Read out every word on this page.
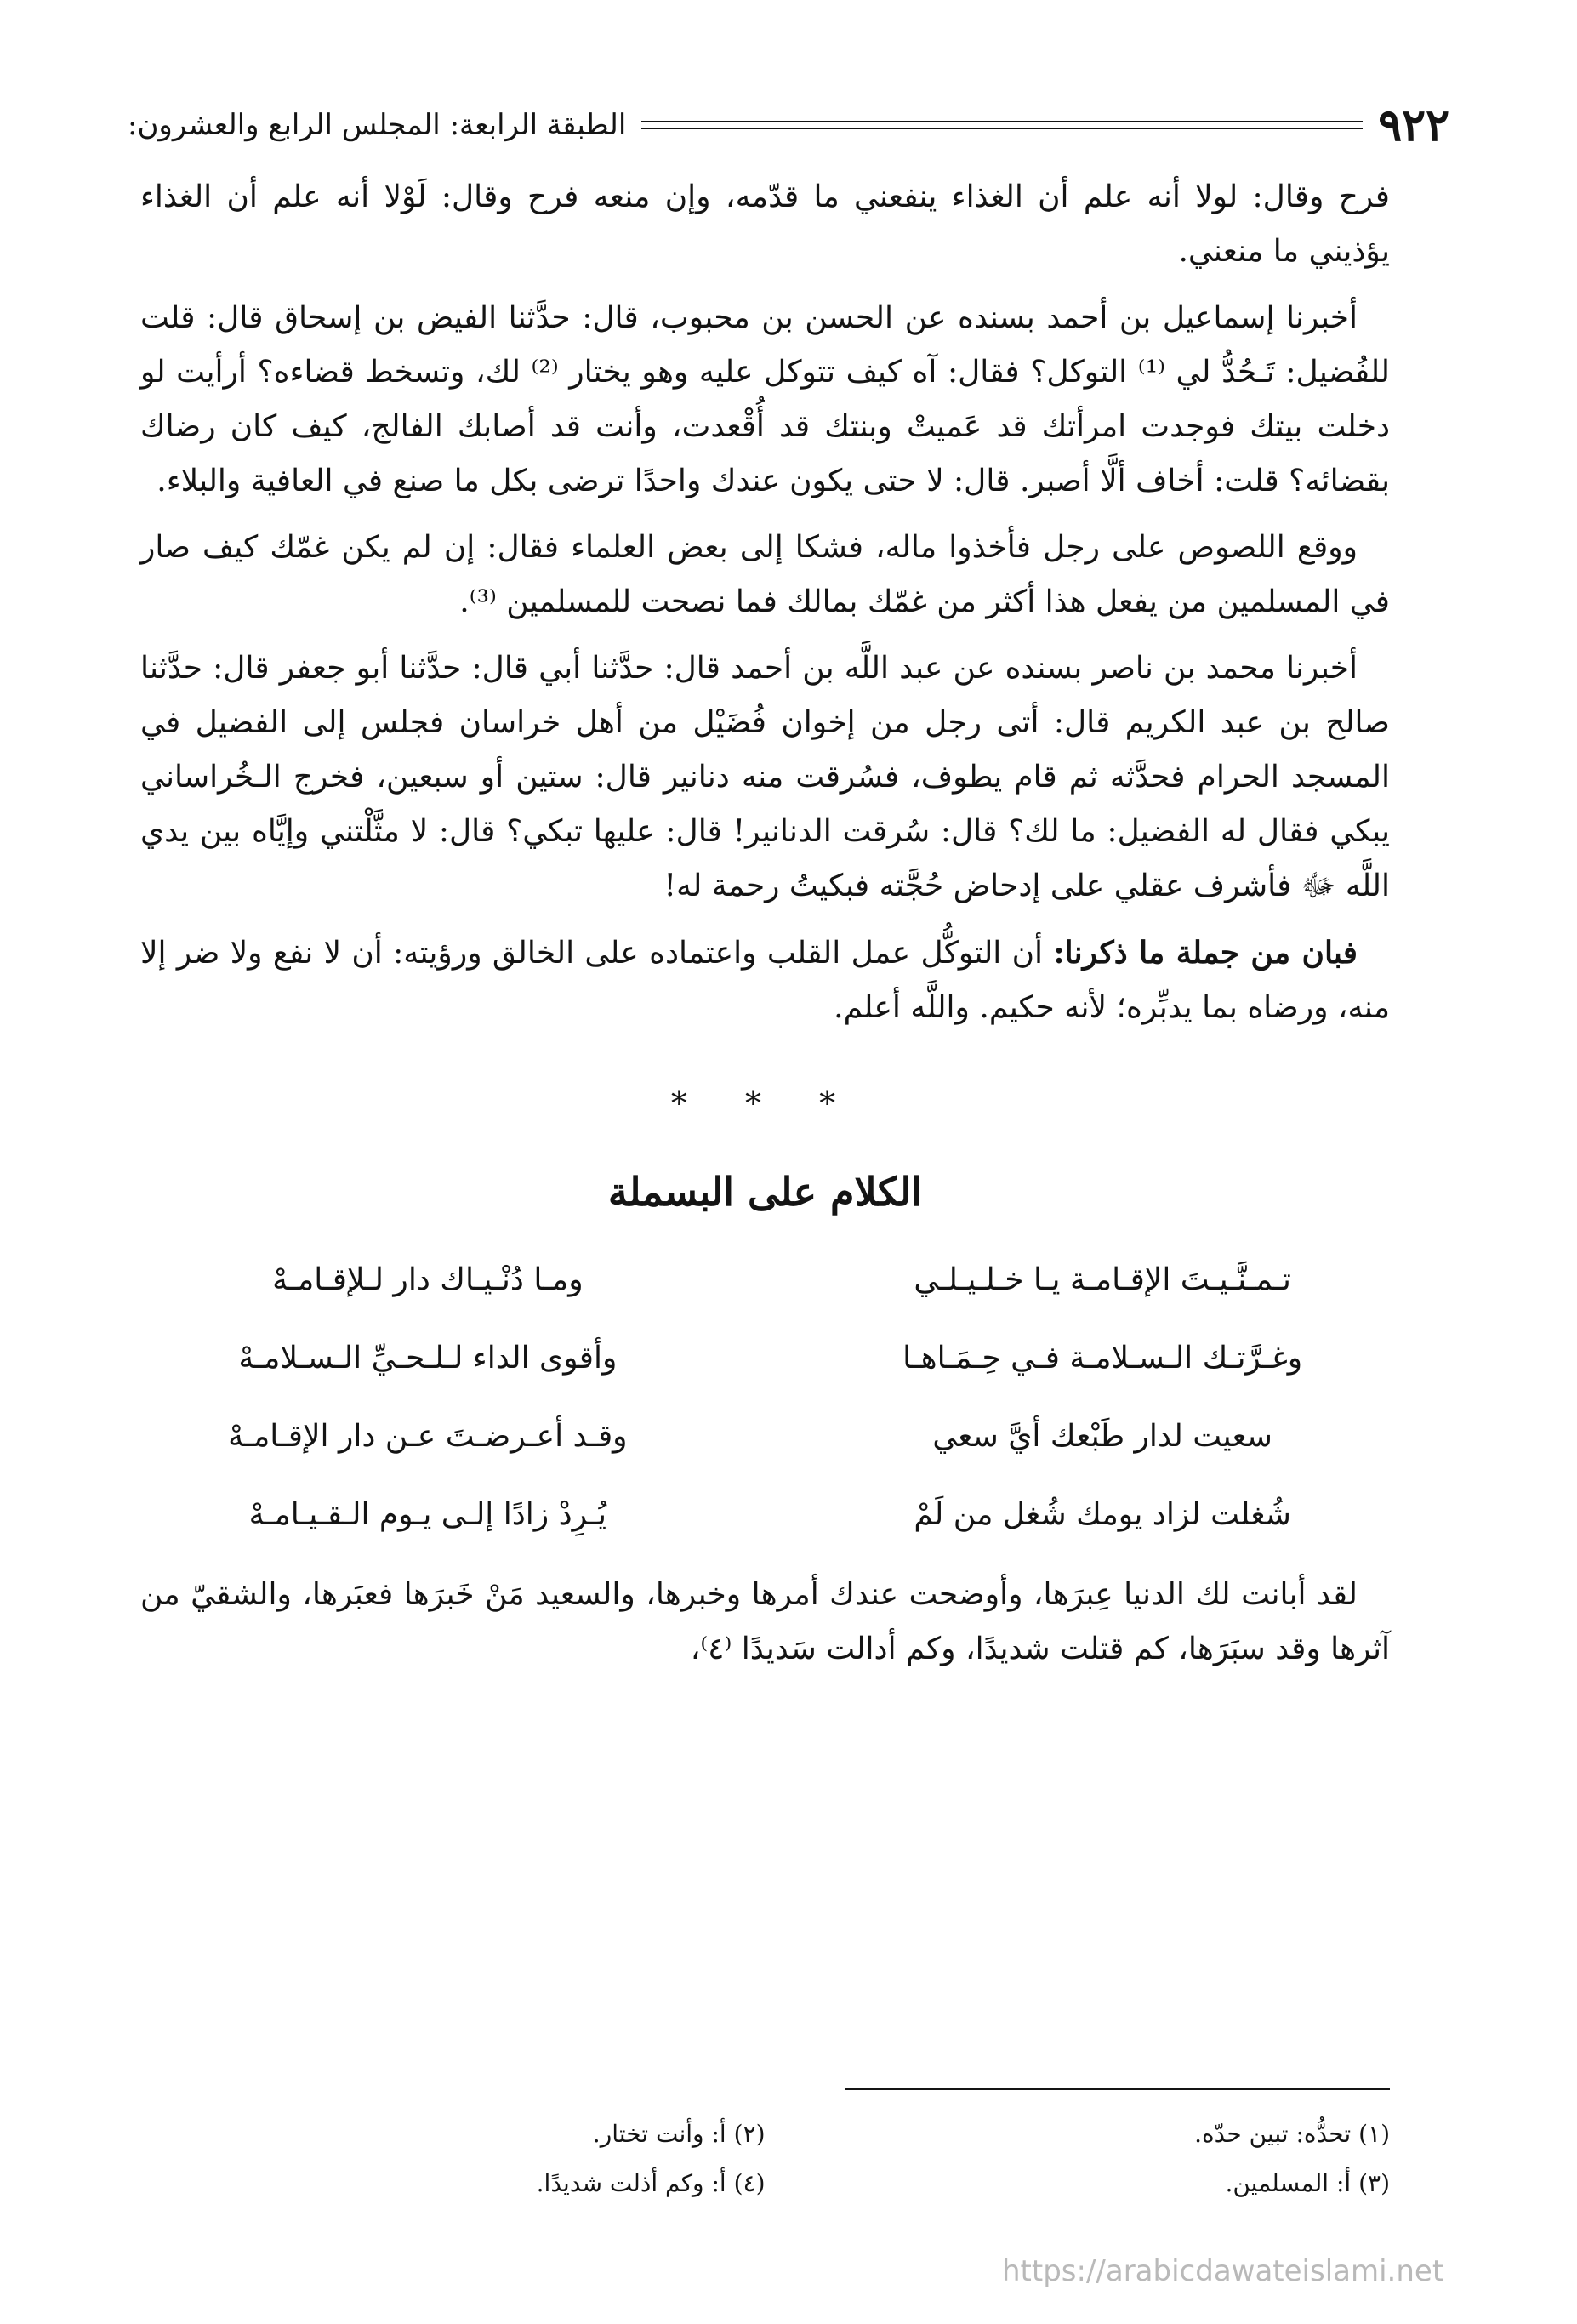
٩٢٢
الطبقة الرابعة: المجلس الرابع والعشرون:

فرح وقال: لولا أنه علم أن الغذاء ينفعني ما قدّمه، وإن منعه فرح وقال: لَوْلا أنه علم أن الغذاء يؤذيني ما منعني.

أخبرنا إسماعيل بن أحمد بسنده عن الحسن بن محبوب، قال: حدَّثنا الفيض بن إسحاق قال: قلت للفُضيل: تَـحُدُّ لي ⁽¹⁾ التوكل؟ فقال: آه كيف تتوكل عليه وهو يختار ⁽²⁾ لك، وتسخط قضاءه؟ أرأيت لو دخلت بيتك فوجدت امرأتك قد عَميتْ وبنتك قد أُقْعدت، وأنت قد أصابك الفالج، كيف كان رضاك بقضائه؟ قلت: أخاف ألَّا أصبر. قال: لا حتى يكون عندك واحدًا ترضى بكل ما صنع في العافية والبلاء.

ووقع اللصوص على رجل فأخذوا ماله، فشكا إلى بعض العلماء فقال: إن لم يكن غمّك كيف صار في المسلمين من يفعل هذا أكثر من غمّك بمالك فما نصحت للمسلمين ⁽³⁾.

أخبرنا محمد بن ناصر بسنده عن عبد اللَّه بن أحمد قال: حدَّثنا أبي قال: حدَّثنا أبو جعفر قال: حدَّثنا صالح بن عبد الكريم قال: أتى رجل من إخوان فُضَيْل من أهل خراسان فجلس إلى الفضيل في المسجد الحرام فحدَّثه ثم قام يطوف، فسُرقت منه دنانير قال: ستين أو سبعين، فخرج الـخُراساني يبكي فقال له الفضيل: ما لك؟ قال: سُرقت الدنانير! قال: عليها تبكي؟ قال: لا مثَّلْتني وإيَّاه بين يدي اللَّه ﷻ فأشرف عقلي على إدحاض حُجَّته فبكيتُ رحمة له!

فبان من جملة ما ذكرنا: أن التوكُّل عمل القلب واعتماده على الخالق ورؤيته: أن لا نفع ولا ضر إلا منه، ورضاه بما يدبِّره؛ لأنه حكيم. واللَّه أعلم.

* * *
الكلام على البسملة
تـمـنَّـيـتَ الإقـامـة يـا خـلـيـلـي
ومـا دُنْـيـاك دار لـلإقـامـهْ
وغـرَّتـك الـسـلامـة فـي حِـمَـاهـا
وأقوى الداء لـلـحـيِّ الـسـلامـهْ
سعيت لدار طَبْعك أيَّ سعي
وقـد أعـرضـتَ عـن دار الإقـامـهْ
شُغلت لزاد يومك شُغل من لَمْ
يُـرِدْ زادًا إلـى يـوم الـقـيـامـهْ

لقد أبانت لك الدنيا عِبرَها، وأوضحت عندك أمرها وخبرها، والسعيد مَنْ خَبرَها فعبَرها، والشقيّ من آثرها وقد سبَرَها، كم قتلت شديدًا، وكم أدالت سَديدًا ⁽٤⁾،

(١) تحدُّه: تبين حدّه.
(٢) أ: وأنت تختار.
(٣) أ: المسلمين.
(٤) أ: وكم أذلت شديدًا.
https://arabicdawateislami.net
